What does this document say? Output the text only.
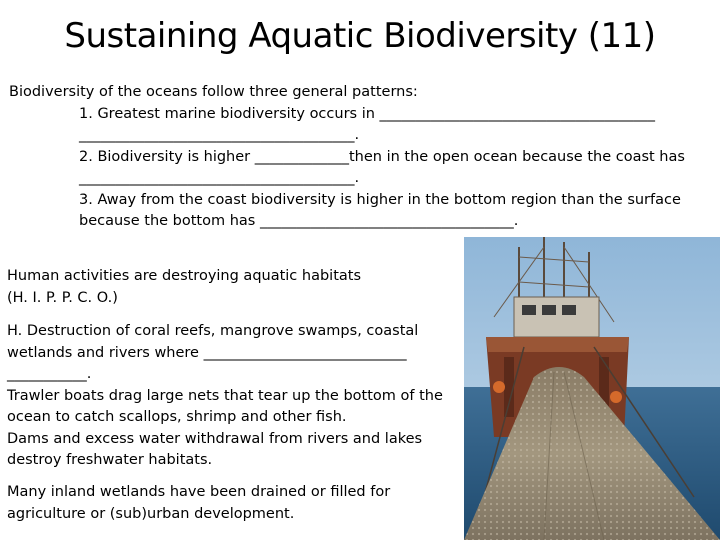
Sustaining Aquatic Biodiversity (11)

Biodiversity of the oceans follow three general patterns:

1. Greatest marine biodiversity occurs in ______________________________________

______________________________________.

2. Biodiversity is higher _____________then in the open ocean because the coast has

______________________________________.

3. Away from the coast biodiversity is higher in the bottom region than the surface

because the bottom has ___________________________________.

Human activities are destroying aquatic habitats

(H. I. P. P. C. O.)

H. Destruction of coral reefs, mangrove swamps, coastal

wetlands and rivers where ____________________________

___________.

Trawler boats drag large nets that tear up the bottom of the

ocean to catch scallops, shrimp and other fish.

Dams and excess water withdrawal from rivers and lakes

destroy freshwater habitats.

Many inland wetlands have been drained or filled for

agriculture or (sub)urban development.
